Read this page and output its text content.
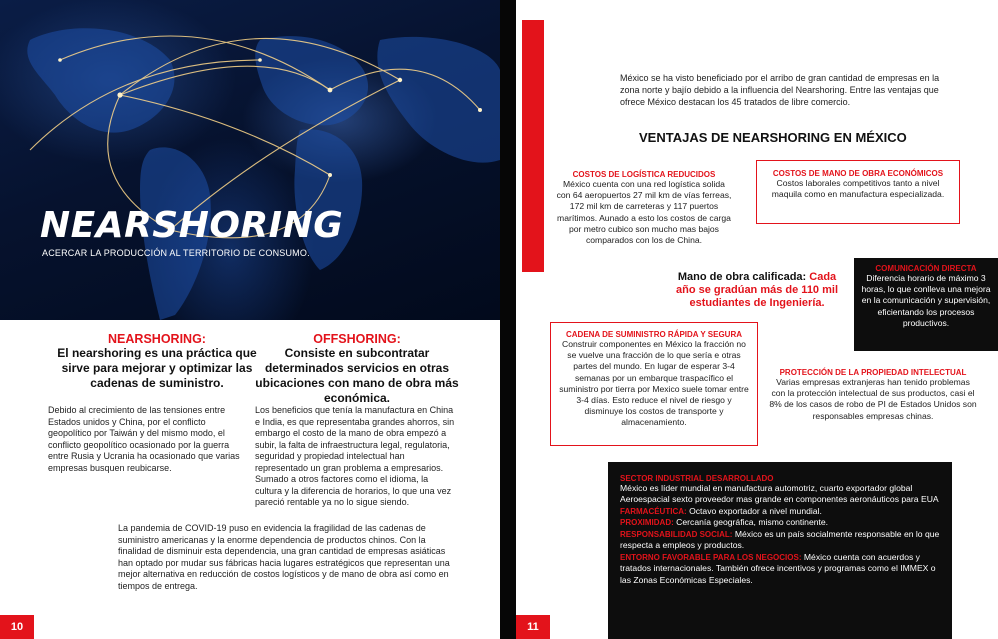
NEARSHORING
ACERCAR LA PRODUCCIÓN AL TERRITORIO DE CONSUMO.
NEARSHORING:
El nearshoring es una práctica que sirve para mejorar y optimizar las cadenas de suministro.
OFFSHORING:
Consiste en subcontratar determinados servicios en otras ubicaciones con mano de obra más económica.
Debido al crecimiento de las tensiones entre Estados unidos y China, por el conflicto geopolítico por Taiwán y del mismo modo, el conflicto geopolítico ocasionado por la guerra entre Rusia y Ucrania ha ocasionado que varias empresas busquen reubicarse.
Los beneficios que tenía la manufactura en China e India, es que representaba grandes ahorros, sin embargo el costo de la mano de obra empezó a subir, la falta de infraestructura legal, regulatoria, seguridad y propiedad intelectual han representado un gran problema a empresarios. Sumado a otros factores como el idioma, la cultura y la diferencia de horarios, lo que una vez pareció rentable ya no lo sigue siendo.
La pandemia de COVID-19 puso en evidencia la fragilidad de las cadenas de suministro americanas y la enorme dependencia de productos chinos. Con la finalidad de disminuir esta dependencia, una gran cantidad de empresas asiáticas han optado por mudar sus fábricas hacia lugares estratégicos que representan una mejor alternativa en reducción de costos logísticos y de mano de obra así como en tiempos de entrega.
10
México se ha visto beneficiado por el arribo de gran cantidad de empresas en la zona norte y bajío debido a la influencia del Nearshoring. Entre las ventajas que ofrece México destacan los 45 tratados de libre comercio.
VENTAJAS DE NEARSHORING EN MÉXICO
COSTOS DE LOGÍSTICA REDUCIDOS
México cuenta con una red logística solida con 64 aeropuertos 27 mil km de vías ferreas, 172 mil km de carreteras y 117 puertos marítimos. Aunado a esto los costos de carga por metro cubico son mucho mas bajos comparados con los de China.
COSTOS DE MANO DE OBRA ECONÓMICOS
Costos laborales competitivos tanto a nivel maquila como en manufactura especializada.
Mano de obra calificada: Cada año se gradúan más de 110 mil estudiantes de Ingeniería.
COMUNICACIÓN DIRECTA
Diferencia horario de máximo 3 horas, lo que conlleva una mejora en la comunicación y supervisión, eficientando los procesos productivos.
CADENA DE SUMINISTRO RÁPIDA Y SEGURA
Construir componentes en México la fracción no se vuelve una fracción de lo que sería e otras partes del mundo. En lugar de esperar 3-4 semanas por un embarque traspacífico el suministro por tierra por Mexico suele tomar entre 3-4 días. Esto reduce el nivel de riesgo y disminuye los costos de transporte y almacenamiento.
PROTECCIÓN DE LA PROPIEDAD INTELECTUAL
Varias empresas extranjeras han tenido problemas con la protección intelectual de sus productos, casi el 8% de los casos de robo de PI de Estados Unidos son responsables empresas chinas.
SECTOR INDUSTRIAL DESARROLLADO
México es líder mundial en manufactura automotriz, cuarto exportador global Aeroespacial sexto proveedor mas grande en componentes aeronáuticos para EUA
FARMACÉUTICA: Octavo exportador a nivel mundial.
PROXIMIDAD: Cercanía geográfica, mismo continente.
RESPONSABILIDAD SOCIAL: México es un país socialmente responsable en lo que respecta a empleos y productos.
ENTORNO FAVORABLE PARA LOS NEGOCIOS: México cuenta con acuerdos y tratados internacionales. También ofrece incentivos y programas como el IMMEX o las Zonas Económicas Especiales.
11
